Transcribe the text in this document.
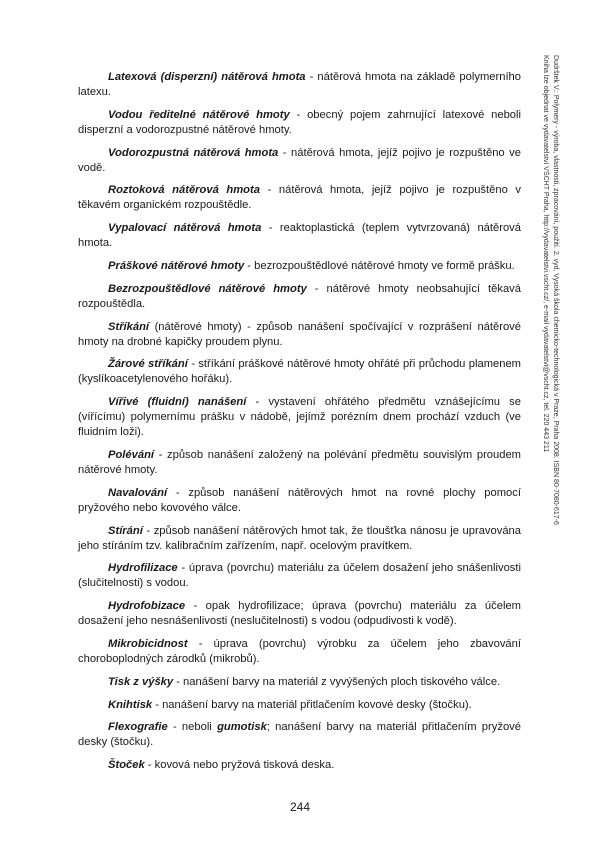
Latexová (disperzní) nátěrová hmota - nátěrová hmota na základě polymerního latexu.

Vodou ředitelné nátěrové hmoty - obecný pojem zahrnující latexové neboli disperzní a vodorozpustné nátěrové hmoty.

Vodorozpustná nátěrová hmota - nátěrová hmota, jejíž pojivo je rozpuštěno ve vodě.

Roztoková nátěrová hmota - nátěrová hmota, jejíž pojivo je rozpuštěno v těkavém organickém rozpouštědle.

Vypalovací nátěrová hmota - reaktoplastická (teplem vytvrzovaná) nátěrová hmota.

Práškové nátěrové hmoty - bezrozpouštědlové nátěrové hmoty ve formě prášku.

Bezrozpouštědlové nátěrové hmoty - nátěrové hmoty neobsahující těkavá rozpouštědla.

Stříkání (nátěrové hmoty) - způsob nanášení spočívající v rozprášení nátěrové hmoty na drobné kapičky proudem plynu.

Žárové stříkání - stříkání práškové nátěrové hmoty ohřáté při průchodu plamenem (kyslíkoacetylenového hořáku).

Vířivé (fluidní) nanášení - vystavení ohřátého předmětu vznášejícímu se (vířícímu) polymernímu prášku v nádobě, jejímž porézním dnem prochází vzduch (ve fluidním loži).

Polévání - způsob nanášení založený na polévání předmětu souvislým proudem nátěrové hmoty.

Navalování - způsob nanášení nátěrových hmot na rovné plochy pomocí pryžového nebo kovového válce.

Stírání - způsob nanášení nátěrových hmot tak, že tloušťka nánosu je upravována jeho stíráním tzv. kalibračním zařízením, např. ocelovým pravítkem.

Hydrofilizace - úprava (povrchu) materiálu za účelem dosažení jeho snášenlivosti (slučitelnosti) s vodou.

Hydrofobizace - opak hydrofilizace; úprava (povrchu) materiálu za účelem dosažení jeho nesnášenlivosti (neslučitelnosti) s vodou (odpudivosti k vodě).

Mikrobicidnost - úprava (povrchu) výrobku za účelem jeho zbavování choroboplodných zárodků (mikrobů).

Tisk z výšky - nanášení barvy na materiál z vyvýšených ploch tiskového válce.

Knihtisk - nanášení barvy na materiál přitlačením kovové desky (štočku).

Flexografie - neboli gumotisk; nanášení barvy na materiál přitlačením pryžové desky (štočku).

Štoček - kovová nebo pryžová tisková deska.

Dudrštek V.: Polymery - výroba, vlastnosti, zpracování, použití. 2. vyd. Vysoká škola chemicko-technologická v Praze, Praha 2008. ISBN 80-7080-617-6
Kniha lze objednat ve vydavatelství VŠCHT Praha, http://vydavatelstvi.vscht.cz/, e-mail vydavatelstvi@vscht.cz, tel. 220 443 211
244
